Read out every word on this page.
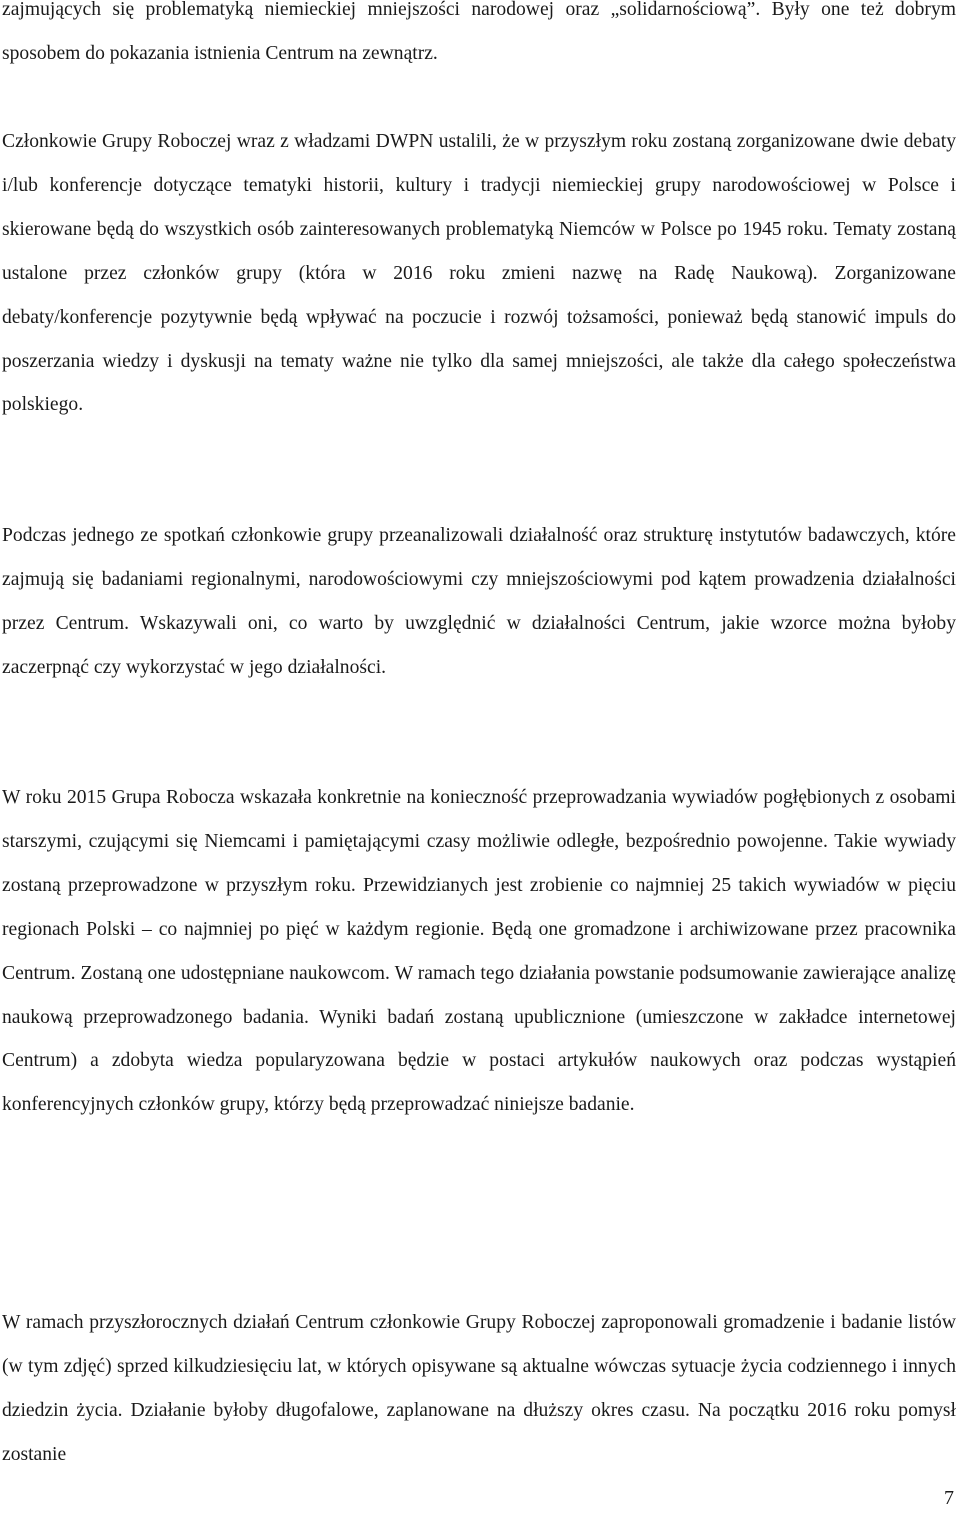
zajmujących się problematyką niemieckiej mniejszości narodowej oraz „solidarnościową”. Były one też dobrym sposobem do pokazania istnienia Centrum na zewnątrz.

Członkowie Grupy Roboczej wraz z władzami DWPN ustalili, że w przyszłym roku zostaną zorganizowane dwie debaty i/lub konferencje dotyczące tematyki historii, kultury i tradycji niemieckiej grupy narodowościowej w Polsce i skierowane będą do wszystkich osób zainteresowanych problematyką Niemców w Polsce po 1945 roku. Tematy zostaną ustalone przez członków grupy (która w 2016 roku zmieni nazwę na Radę Naukową). Zorganizowane debaty/konferencje pozytywnie będą wpływać na poczucie i rozwój tożsamości, ponieważ będą stanowić impuls do poszerzania wiedzy i dyskusji na tematy ważne nie tylko dla samej mniejszości, ale także dla całego społeczeństwa polskiego.

Podczas jednego ze spotkań członkowie grupy przeanalizowali działalność oraz strukturę instytutów badawczych, które zajmują się badaniami regionalnymi, narodowościowymi czy mniejszościowymi pod kątem prowadzenia działalności przez Centrum. Wskazywali oni, co warto by uwzględnić w działalności Centrum, jakie wzorce można byłoby zaczerpnąć czy wykorzystać w jego działalności.

W roku 2015 Grupa Robocza wskazała konkretnie na konieczność przeprowadzania wywiadów pogłębionych z osobami starszymi, czującymi się Niemcami i pamiętającymi czasy możliwie odległe, bezpośrednio powojenne. Takie wywiady zostaną przeprowadzone w przyszłym roku. Przewidzianych jest zrobienie co najmniej 25 takich wywiadów w pięciu regionach Polski – co najmniej po pięć w każdym regionie. Będą one gromadzone i archiwizowane przez pracownika Centrum. Zostaną one udostępniane naukowcom. W ramach tego działania powstanie podsumowanie zawierające analizę naukową przeprowadzonego badania. Wyniki badań zostaną upublicznione (umieszczone w zakładce internetowej Centrum) a zdobyta wiedza popularyzowana będzie w postaci artykułów naukowych oraz podczas wystąpień konferencyjnych członków grupy, którzy będą przeprowadzać niniejsze badanie.

W ramach przyszłorocznych działań Centrum członkowie Grupy Roboczej zaproponowali gromadzenie i badanie listów (w tym zdjęć) sprzed kilkudziesięciu lat, w których opisywane są aktualne wówczas sytuacje życia codziennego i innych dziedzin życia. Działanie byłoby długofalowe, zaplanowane na dłuższy okres czasu. Na początku 2016 roku pomysł zostanie

7
